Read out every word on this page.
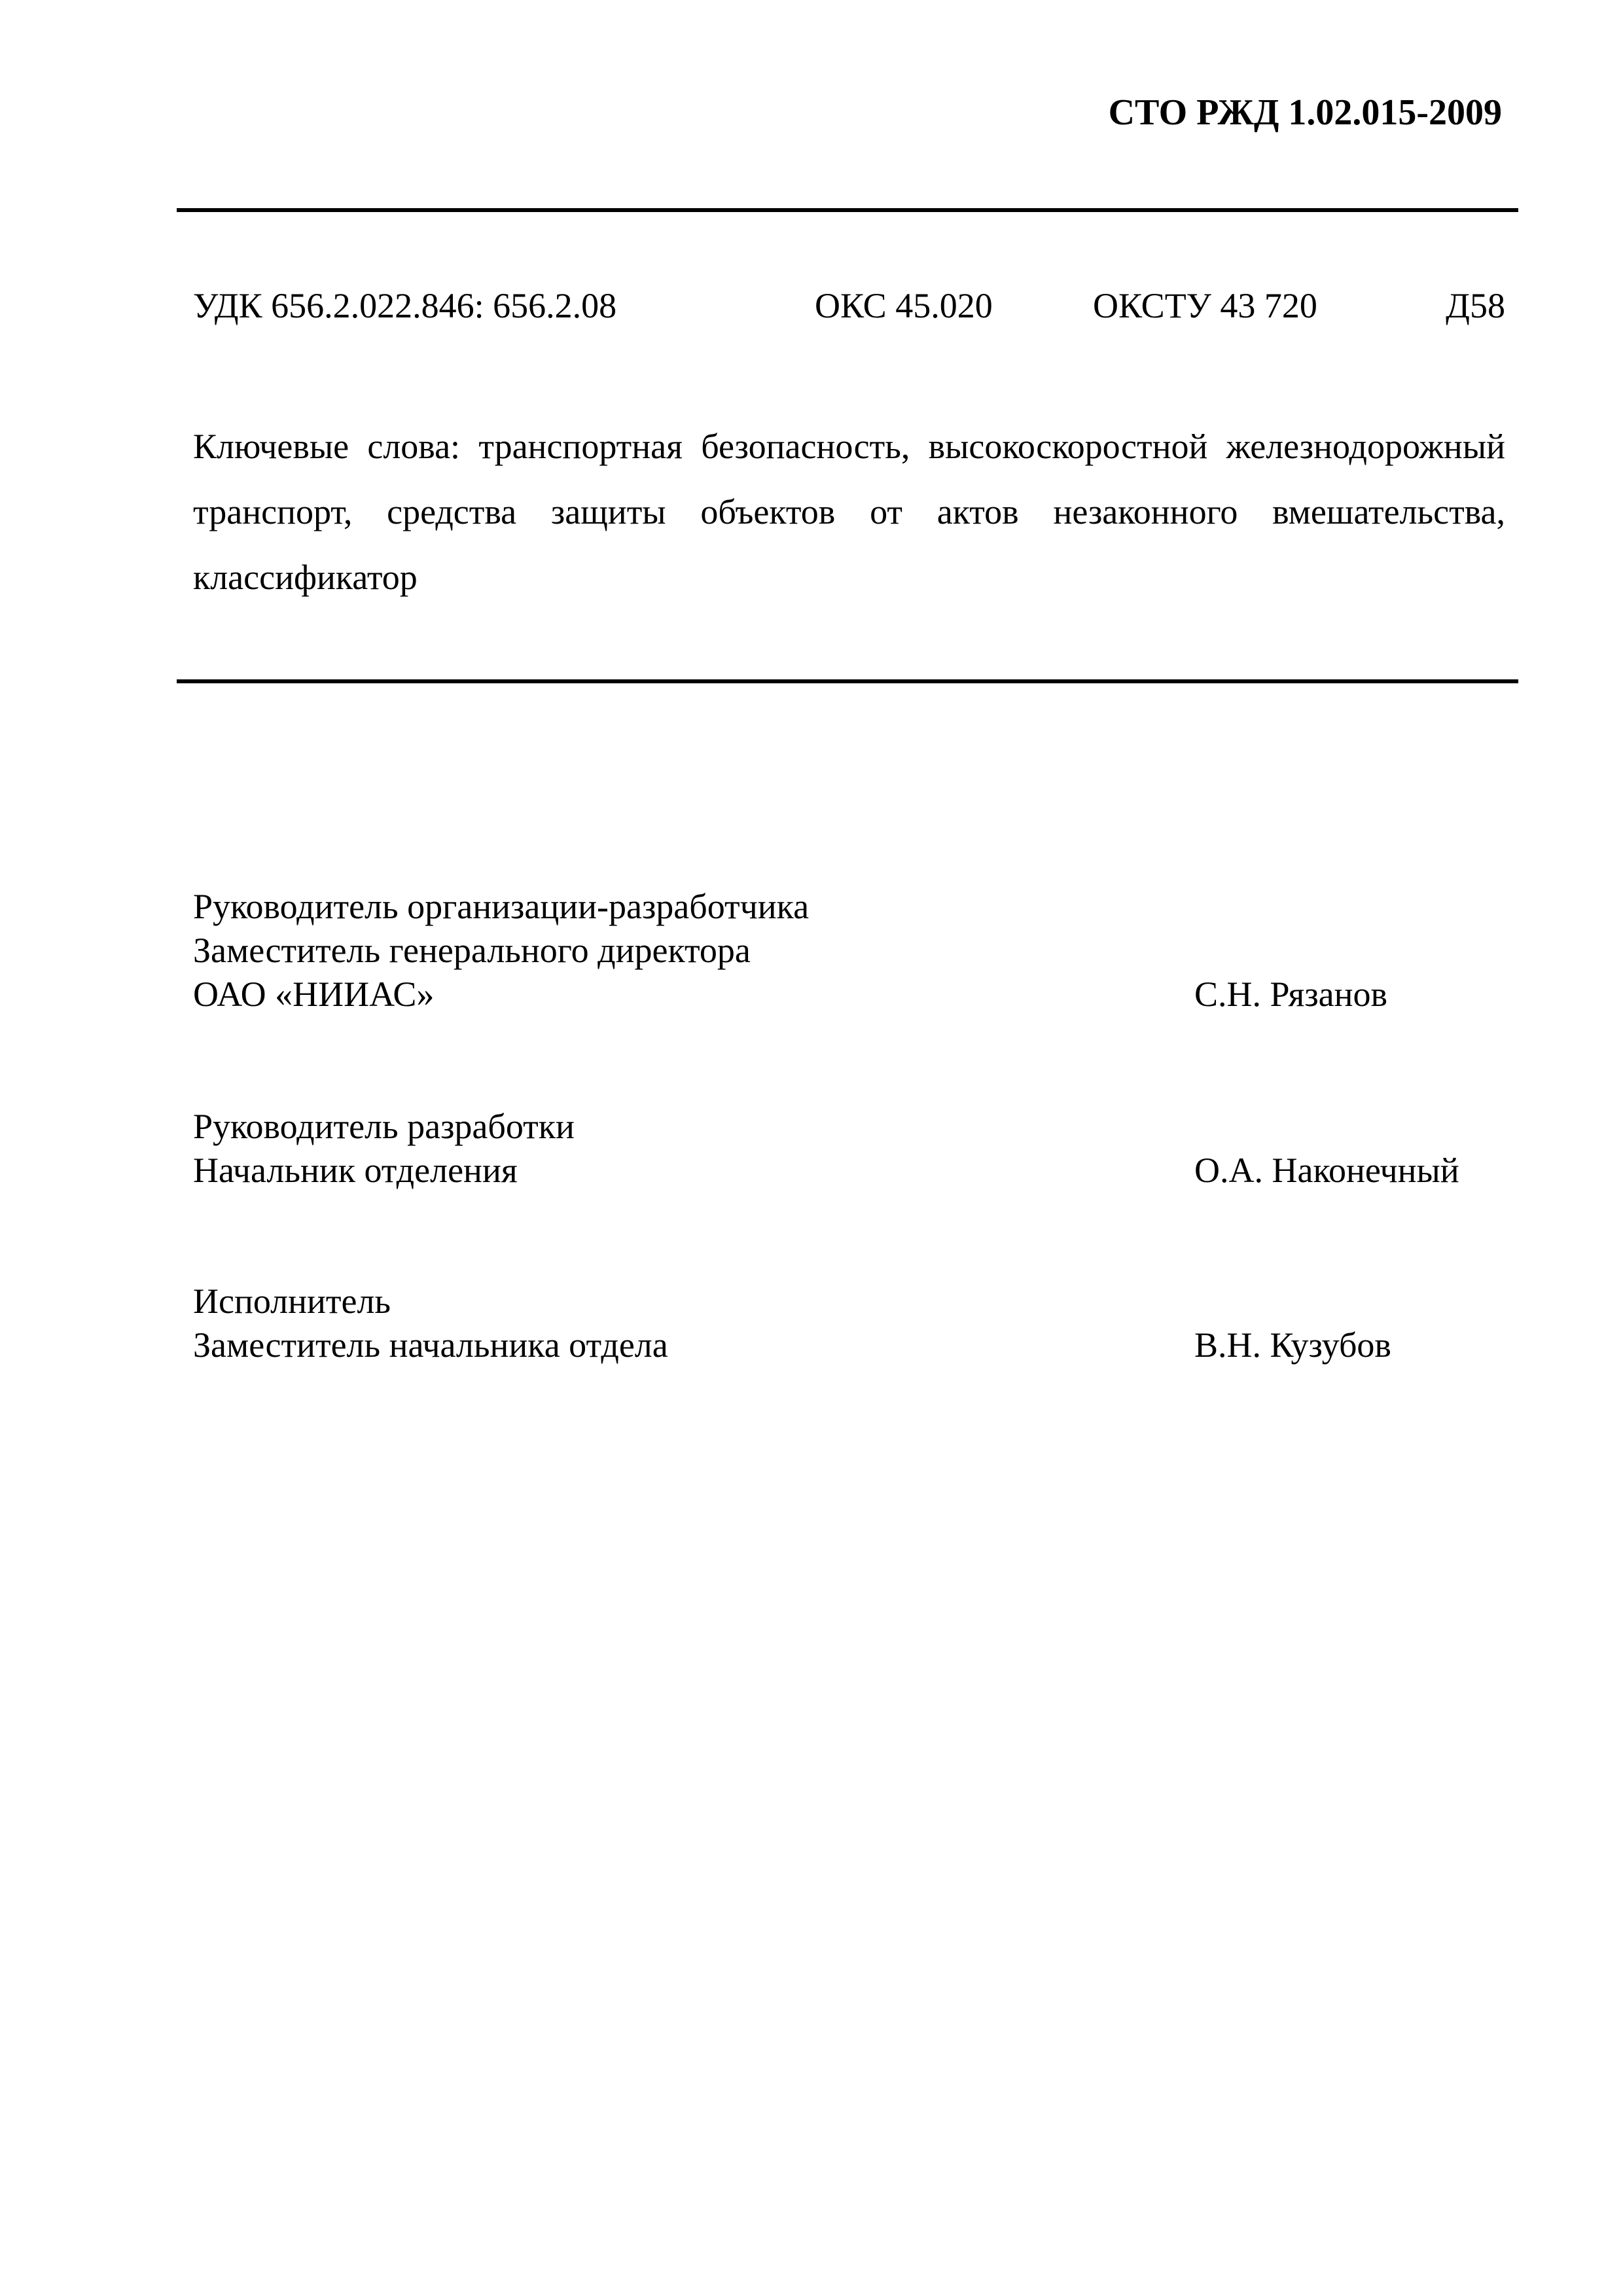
СТО РЖД 1.02.015-2009
УДК 656.2.022.846: 656.2.08	ОКС 45.020	ОКСТУ 43 720	Д58
Ключевые слова: транспортная безопасность, высокоскоростной железнодорожный транспорт, средства защиты объектов от актов незаконного вмешательства, классификатор
Руководитель организации-разработчика
Заместитель генерального директора
ОАО «НИИАС»	С.Н. Рязанов
Руководитель разработки
Начальник отделения	О.А. Наконечный
Исполнитель
Заместитель начальника отдела	В.Н. Кузубов
